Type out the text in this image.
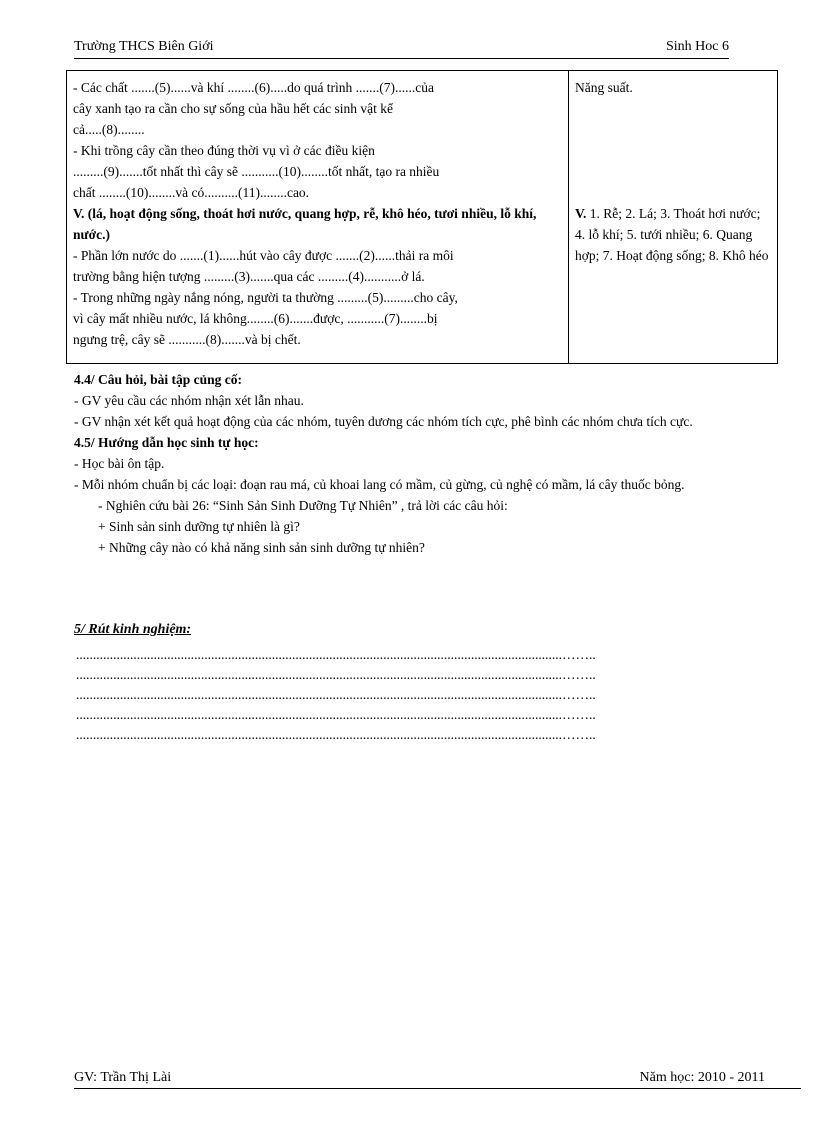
Trường THCS Biên Giới	Sinh Hoc 6

- Các chất .......(5)......và khí ........(6).....do quá trình .......(7)......của

cây xanh tạo ra cần cho sự sống của hầu hết các sinh vật kể

cả.....(8)........

- Khi trồng cây cần theo đúng thời vụ vì ở các điều kiện

.........(9).......tốt nhất thì cây sẽ ...........(10)........tốt nhất, tạo ra nhiều

chất ........(10)........và có..........(11)........cao.

V. (lá, hoạt động sống, thoát hơi nước, quang hợp, rễ, khô héo, tươi nhiều, lỗ khí, nước.)

- Phần lớn nước do .......(1)......hút vào cây được .......(2)......thải ra môi

trường bằng hiện tượng .........(3).......qua các .........(4)...........ở lá.

- Trong những ngày nắng nóng, người ta thường .........(5).........cho cây,

vì cây mất nhiều nước, lá không........(6).......được, ...........(7)........bị

ngưng trệ, cây sẽ ...........(8).......và bị chết.

Năng suất.

V. 1. Rễ; 2. Lá; 3. Thoát hơi nước; 4. lỗ khí; 5. tưới nhiều; 6. Quang hợp; 7. Hoạt động sống; 8. Khô héo

4.4/ Câu hỏi, bài tập củng cố:

- GV yêu cầu các nhóm nhận xét lẫn nhau.

- GV nhận xét kết quả hoạt động của các nhóm, tuyên dương các nhóm tích cực, phê bình các nhóm chưa tích cực.

4.5/ Hướng dẫn học sinh tự học:

- Học bài ôn tập.

- Mỗi nhóm chuẩn bị các loại: đoạn rau má, củ khoai lang có mầm, củ gừng, củ nghệ có mầm, lá cây thuốc bỏng.

- Nghiên cứu bài 26: “Sinh Sản Sinh Dưỡng Tự Nhiên” , trả lời các câu hỏi:

+ Sinh sản sinh dưỡng tự nhiên là gì?

+ Những cây nào có khả năng sinh sản sinh dưỡng tự nhiên?

5/ Rút kinh nghiệm:

................................................................................................................................................……..

................................................................................................................................................……..

................................................................................................................................................……..

................................................................................................................................................……..

................................................................................................................................................……..

GV: Trần Thị Lài	Năm học: 2010 - 2011
